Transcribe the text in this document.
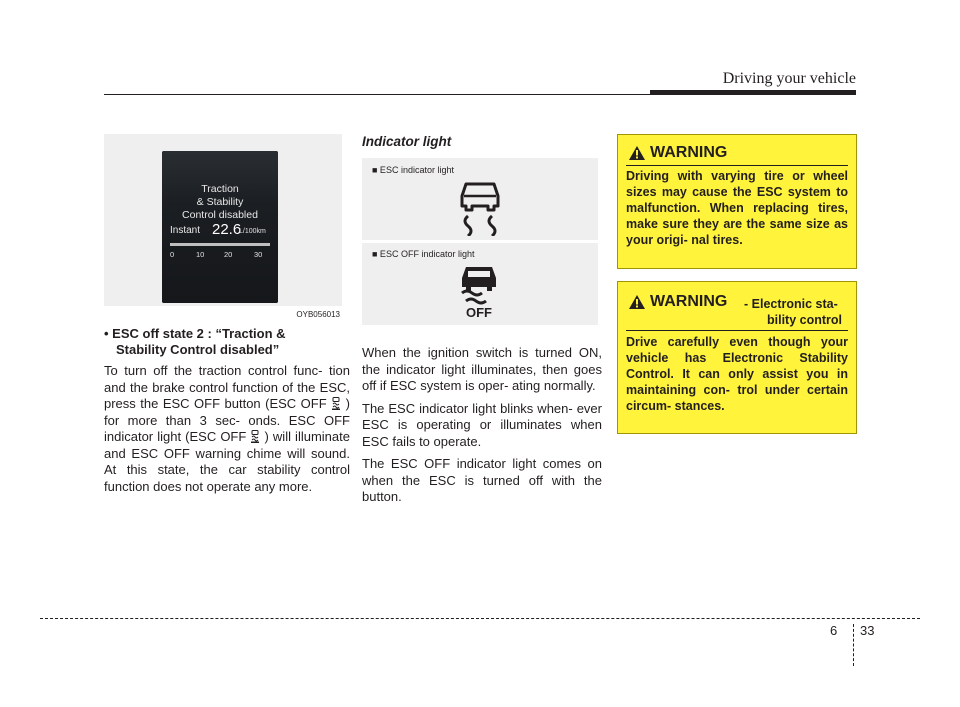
Driving your vehicle
Traction
& Stability
Control disabled
Instant 22.6
L/100km
0	10	20	30
OYB056013
• ESC off state 2 : “Traction &
Stability Control disabled”
To turn off the traction control func- tion and the brake control function of the ESC, press the ESC OFF button (ESC OFF ) for more than 3 sec- onds. ESC OFF indicator light (ESC OFF ) will illuminate and ESC OFF warning chime will sound. At this state, the car stability control function does not operate any more.
Indicator light
■ ESC indicator light
■ ESC OFF indicator light
OFF

When the ignition switch is turned ON, the indicator light illuminates, then goes off if ESC system is oper- ating normally.

The ESC indicator light blinks when- ever ESC is operating or illuminates when ESC fails to operate.

The ESC OFF indicator light comes on when the ESC is turned off with the button.

WARNING
Driving with varying tire or wheel sizes may cause the ESC system to malfunction. When replacing tires, make sure they are the same size as your origi- nal tires.
WARNING - Electronic sta-
bility control
Drive carefully even though your vehicle has Electronic Stability Control. It can only assist you in maintaining con- trol under certain circum- stances.
6 33
